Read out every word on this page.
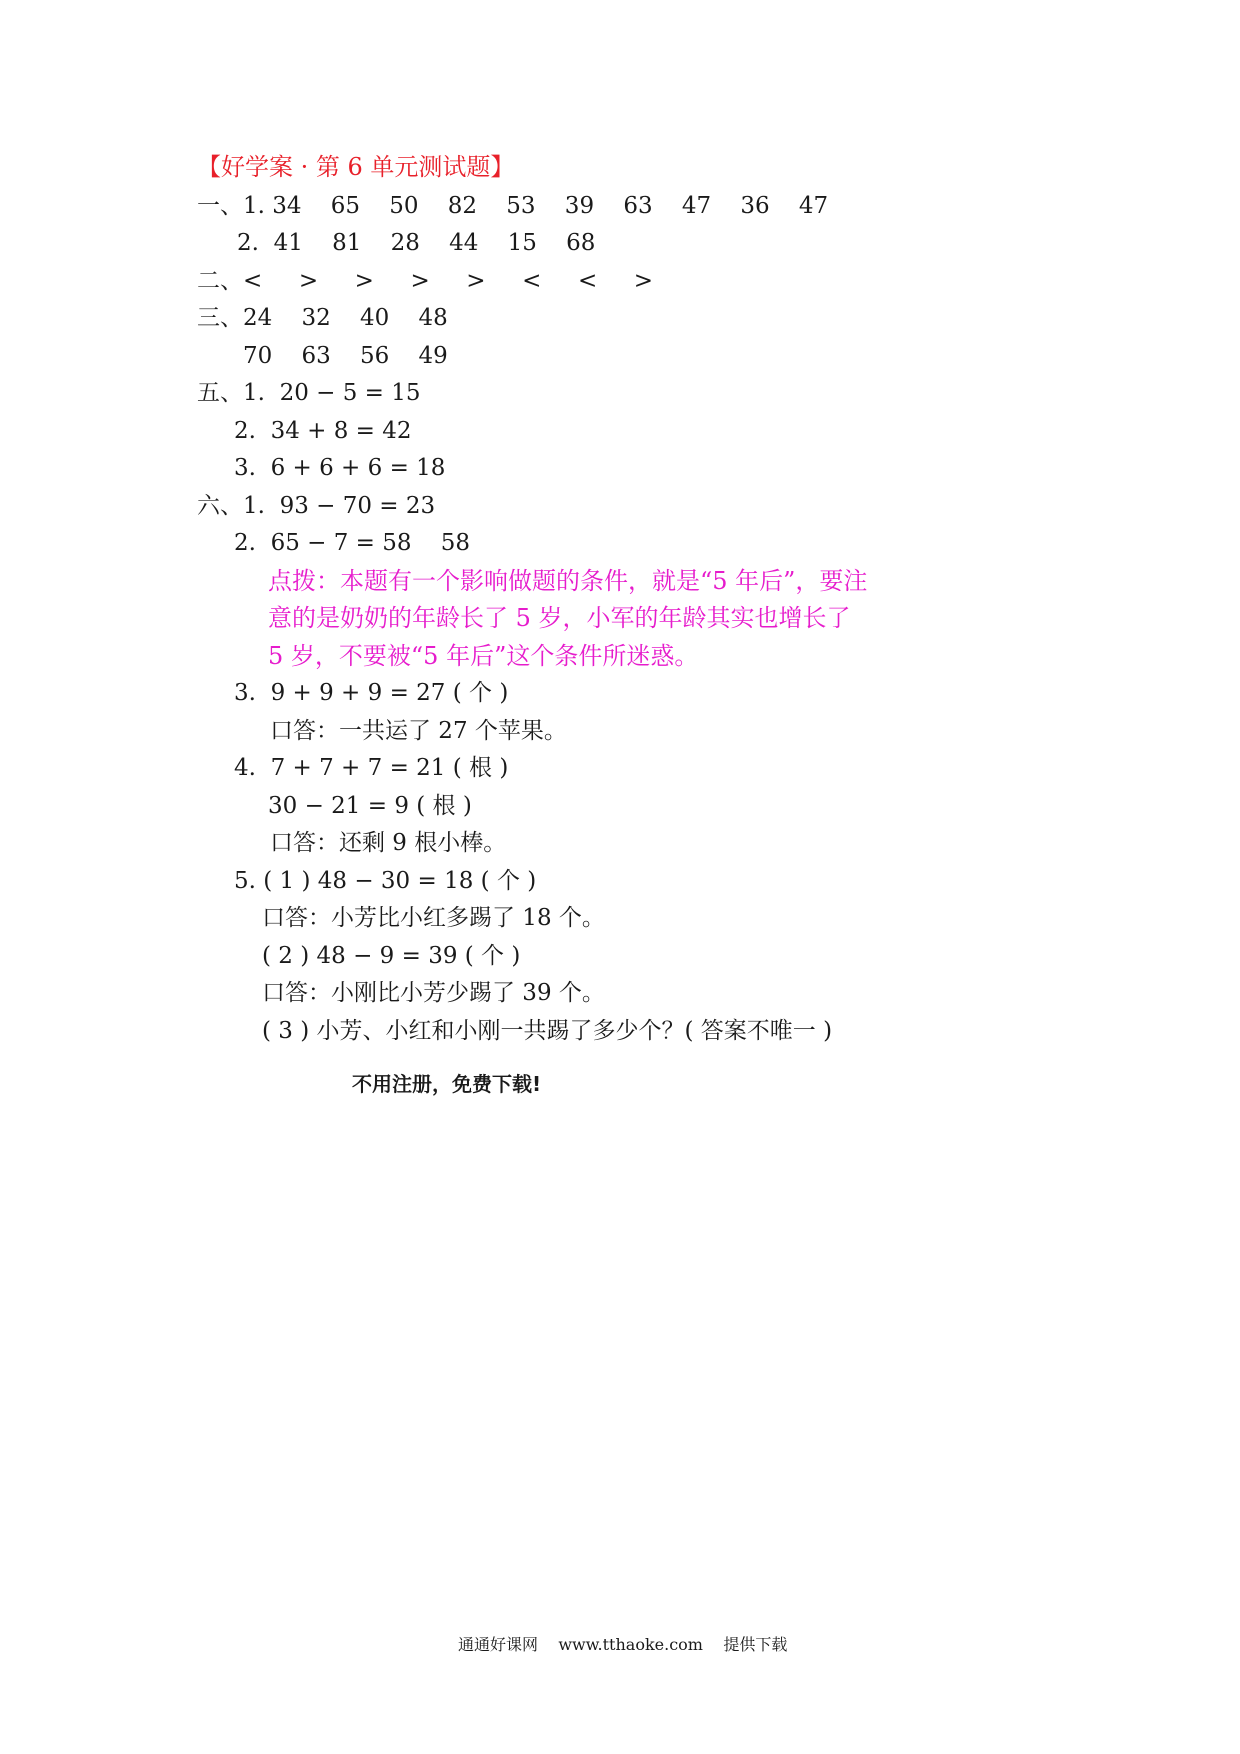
【好学案 · 第 6 单元测试题】
一、1. 34    65    50    82    53    39    63    47    36    47
2.  41    81    28    44    15    68
二、<     >     >     >     >     <     <     >
三、24    32    40    48
70    63    56    49
五、1.  20 − 5 = 15
2.  34 + 8 = 42
3.  6 + 6 + 6 = 18
六、1.  93 − 70 = 23
2.  65 − 7 = 58    58
点拨：本题有一个影响做题的条件，就是“5 年后”，要注
意的是奶奶的年龄长了 5 岁，小军的年龄其实也增长了
5 岁，不要被“5 年后”这个条件所迷惑。
3.  9 + 9 + 9 = 27 ( 个 )
口答：一共运了 27 个苹果。
4.  7 + 7 + 7 = 21 ( 根 )
30 − 21 = 9 ( 根 )
口答：还剩 9 根小棒。
5. ( 1 ) 48 − 30 = 18 ( 个 )
口答：小芳比小红多踢了 18 个。
( 2 ) 48 − 9 = 39 ( 个 )
口答：小刚比小芳少踢了 39 个。
( 3 ) 小芳、小红和小刚一共踢了多少个？( 答案不唯一 )
不用注册，免费下载!
通通好课网    www.tthaoke.com    提供下载
